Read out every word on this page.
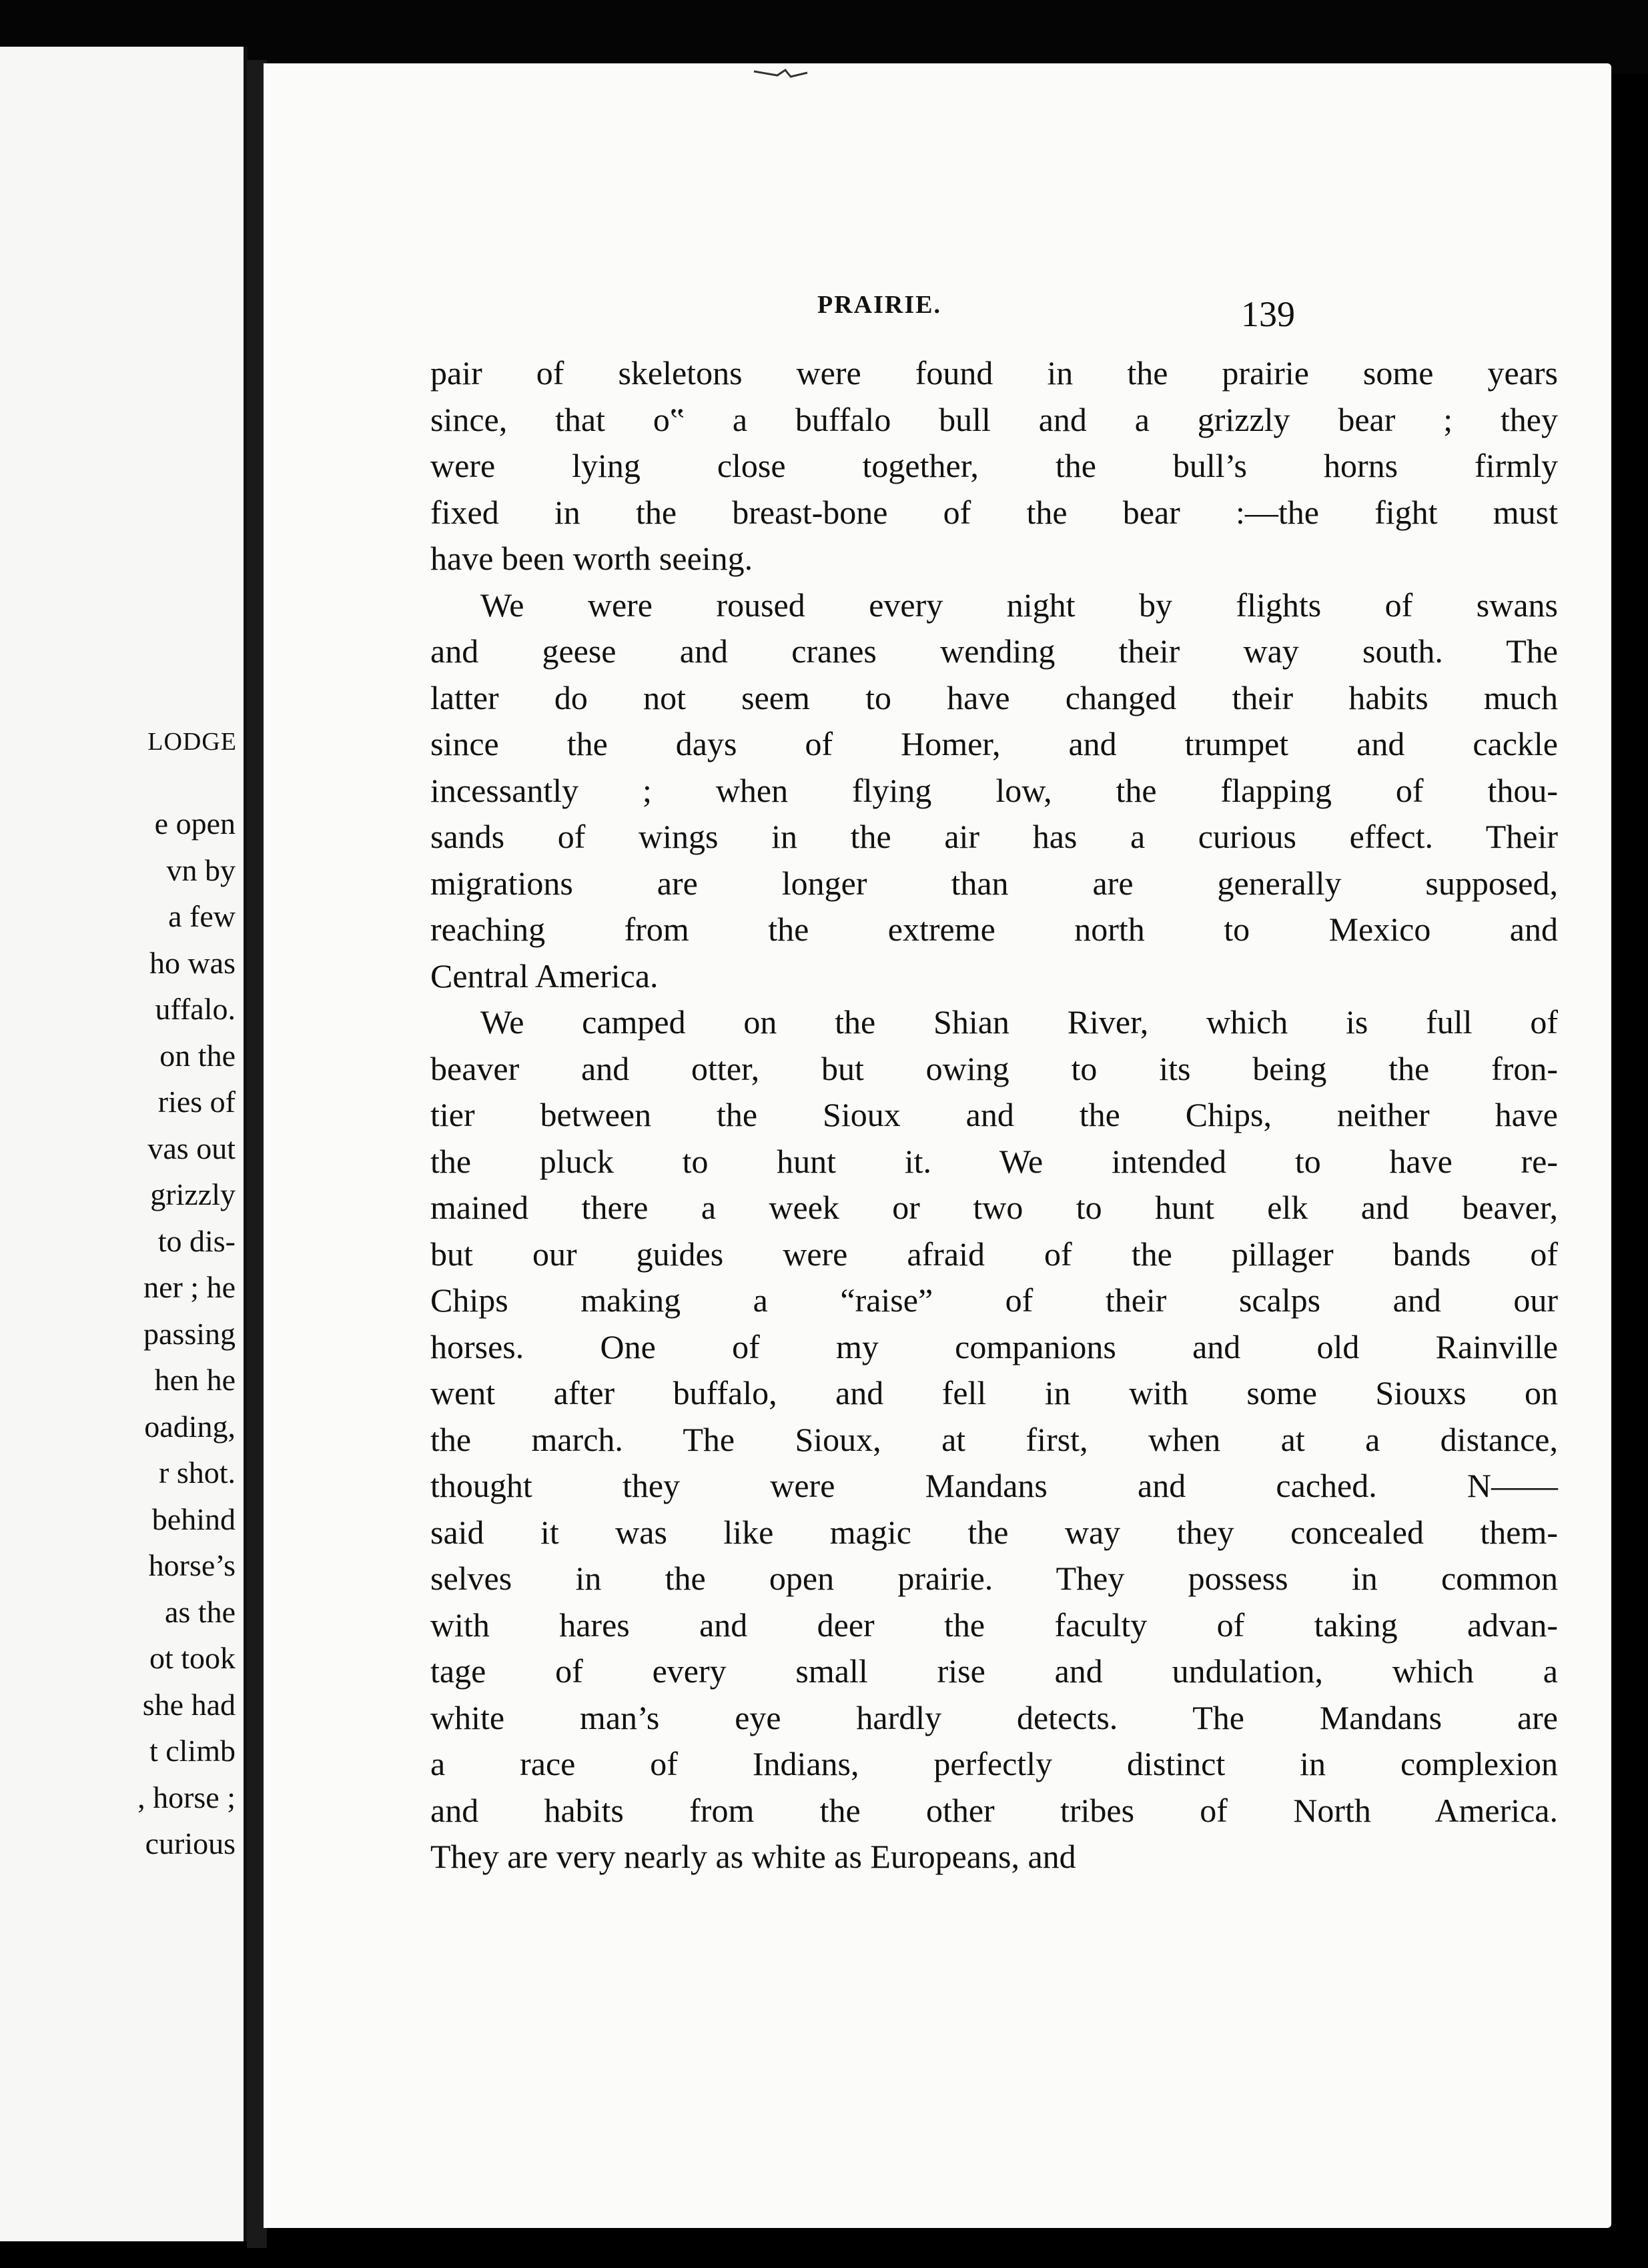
LODGE
e open
vn by
a few
ho was
uffalo.
on the
ries of
vas out
grizzly
to dis-
ner ; he
passing
hen he
oading,
r shot.
behind
horse’s
as the
ot took
she had
t climb
, horse ;
curious
PRAIRIE.	139
pair of skeletons were found in the prairie some years
since, that o‟ a buffalo bull and a grizzly bear ; they
were lying close together, the bull’s horns firmly
fixed in the breast-bone of the bear :—the fight must
have been worth seeing.
We were roused every night by flights of swans
and geese and cranes wending their way south. The
latter do not seem to have changed their habits much
since the days of Homer, and trumpet and cackle
incessantly ; when flying low, the flapping of thou-
sands of wings in the air has a curious effect. Their
migrations are longer than are generally supposed,
reaching from the extreme north to Mexico and
Central America.
We camped on the Shian River, which is full of
beaver and otter, but owing to its being the fron-
tier between the Sioux and the Chips, neither have
the pluck to hunt it. We intended to have re-
mained there a week or two to hunt elk and beaver,
but our guides were afraid of the pillager bands of
Chips making a “raise” of their scalps and our
horses. One of my companions and old Rainville
went after buffalo, and fell in with some Siouxs on
the march. The Sioux, at first, when at a distance,
thought they were Mandans and cached. N——
said it was like magic the way they concealed them-
selves in the open prairie. They possess in common
with hares and deer the faculty of taking advan-
tage of every small rise and undulation, which a
white man’s eye hardly detects. The Mandans are
a race of Indians, perfectly distinct in complexion
and habits from the other tribes of North America.
They are very nearly as white as Europeans, and
